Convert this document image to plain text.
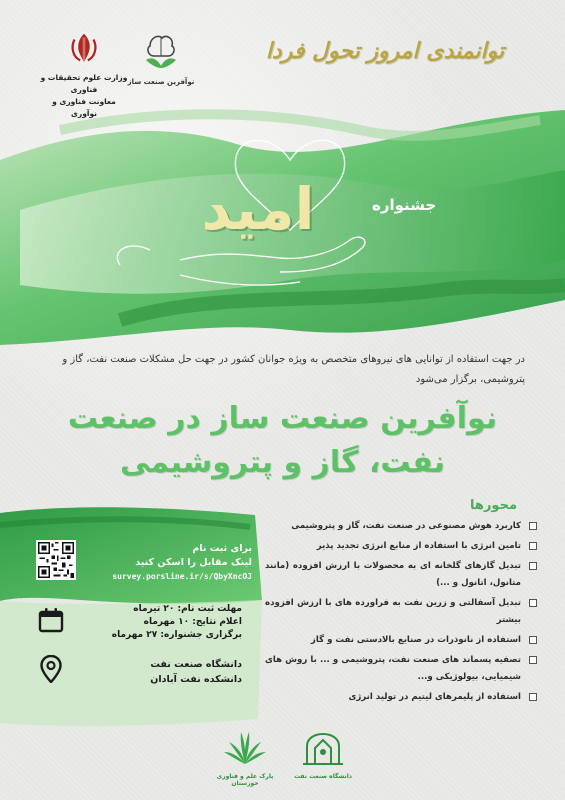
وزارت علوم تحقیقات و فناوری
معاونت فناوری و نوآوری
نوآفرین صنعت ساز
توانمندی امروز تحول فردا
جشنواره
امید
در جهت استفاده از توانایی های نیروهای متخصص به ویژه جوانان کشور در جهت حل مشکلات صنعت نفت، گاز و پتروشیمی، برگزار می‌شود
نوآفرین صنعت ساز در صنعت
نفت، گاز و پتروشیمی
برای ثبت نام
لینک مقابل را اسکن کنید
survey.porsline.ir/s/QbyXncOJ
مهلت ثبت نام: ۲۰ تیرماه
اعلام نتایج: ۱۰ مهرماه
برگزاری جشنواره: ۲۷ مهرماه
دانشگاه صنعت نفت
دانشکده نفت آبادان
محورها
کاربرد هوش مصنوعی در صنعت نفت، گاز و پتروشیمی
تامین انرژی با استفاده از منابع انرژی تجدید پذیر
تبدیل گازهای گلخانه ای به محصولات با ارزش افزوده (مانند متانول، اتانول و ...)
تبدیل آسفالتی و زرین نفت به فراورده های با ارزش افزوده بیشتر
استفاده از نانوذرات در صنایع بالادستی نفت و گاز
تصفیه پسماند های صنعت نفت، پتروشیمی و ... با روش های شیمیایی، بیولوژیکی و...
استفاده از پلیمرهای لیتیم در تولید انرژی
پارک علم و فناوری خوزستان
دانشگاه صنعت نفت
